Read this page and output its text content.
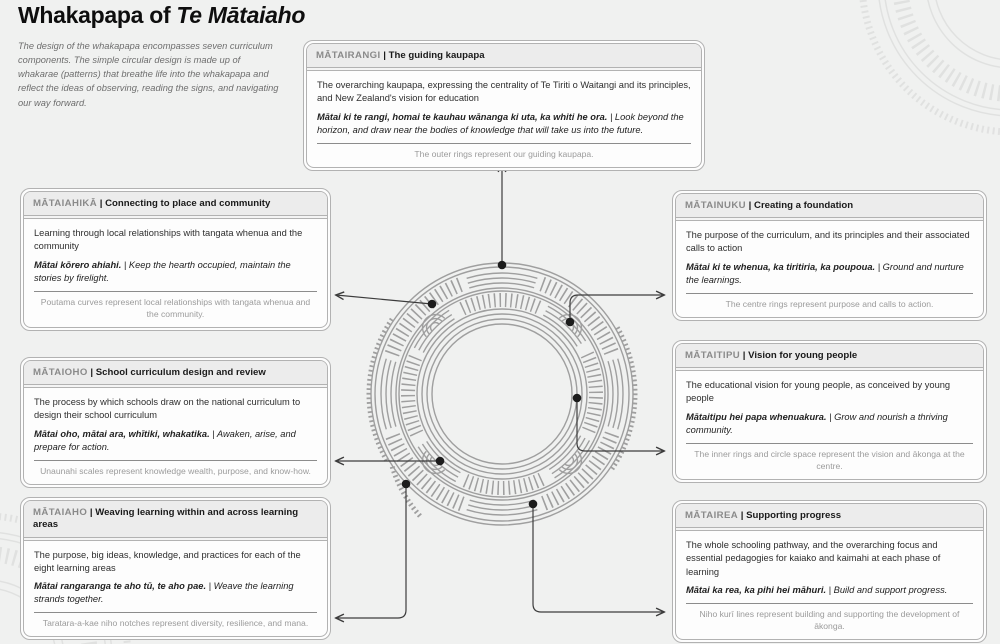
Whakapapa of Te Mātaiaho

The design of the whakapapa encompasses seven curriculum components. The simple circular design is made up of whakarae (patterns) that breathe life into the whakapapa and reflect the ideas of observing, reading the signs, and navigating our way forward.

MĀTAIRANGI | The guiding kaupapa

The overarching kaupapa, expressing the centrality of Te Tiriti o Waitangi and its principles, and New Zealand's vision for education

Mātai ki te rangi, homai te kauhau wānanga ki uta, ka whiti he ora. | Look beyond the horizon, and draw near the bodies of knowledge that will take us into the future.

The outer rings represent our guiding kaupapa.

MĀTAIAHIKĀ | Connecting to place and community

Learning through local relationships with tangata whenua and the community

Mātai kōrero ahiahi. | Keep the hearth occupied, maintain the stories by firelight.

Poutama curves represent local relationships with tangata whenua and the community.

MĀTAINUKU | Creating a foundation

The purpose of the curriculum, and its principles and their associated calls to action

Mātai ki te whenua, ka tiritiria, ka poupoua. | Ground and nurture the learnings.

The centre rings represent purpose and calls to action.

MĀTAIOHO | School curriculum design and review

The process by which schools draw on the national curriculum to design their school curriculum

Mātai oho, mātai ara, whītiki, whakatika. | Awaken, arise, and prepare for action.

Unaunahi scales represent knowledge wealth, purpose, and know-how.

MĀTAITIPU | Vision for young people

The educational vision for young people, as conceived by young people

Mātaitipu hei papa whenuakura. | Grow and nourish a thriving community.

The inner rings and circle space represent the vision and ākonga at the centre.

MĀTAIAHO | Weaving learning within and across learning areas

The purpose, big ideas, knowledge, and practices for each of the eight learning areas

Mātai rangaranga te aho tū, te aho pae. | Weave the learning strands together.

Taratara-a-kae niho notches represent diversity, resilience, and mana.

MĀTAIREA | Supporting progress

The whole schooling pathway, and the overarching focus and essential pedagogies for kaiako and kaimahi at each phase of learning

Mātai ka rea, ka pihi hei māhuri. | Build and support progress.

Niho kurī lines represent building and supporting the development of ākonga.
